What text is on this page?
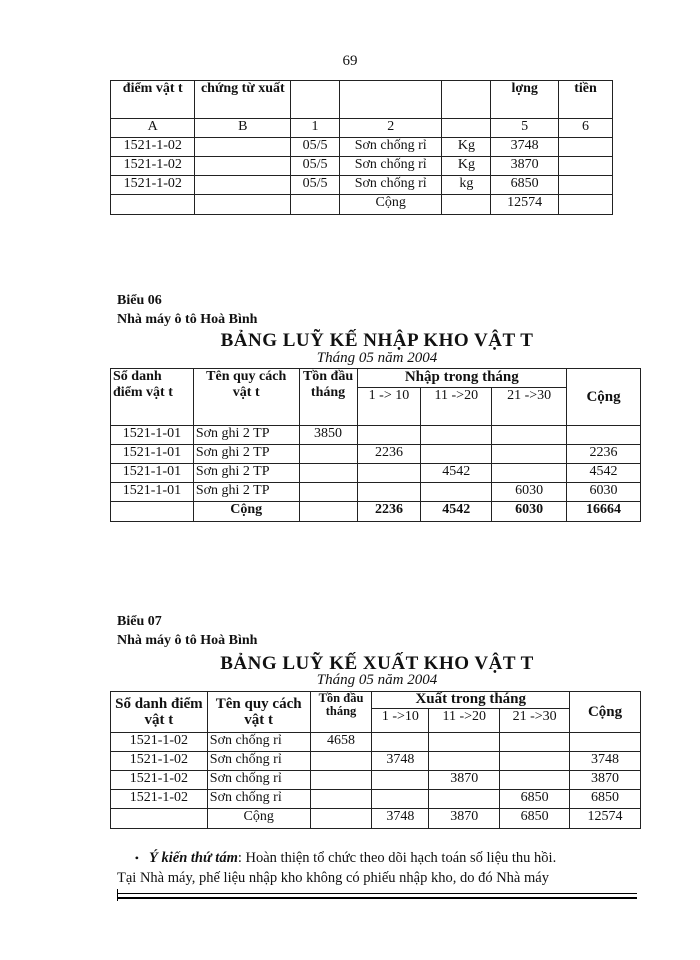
69
điểm vật t	chứng từ xuất				lợng	tiền
A	B	1	2		5	6
1521-1-02		05/5	Sơn chống rỉ	Kg	3748	
1521-1-02		05/5	Sơn chống rỉ	Kg	3870	
1521-1-02		05/5	Sơn chống rỉ	kg	6850	
			Cộng		12574	
Biểu 06
Nhà máy ô tô Hoà Bình
BẢNG LUỸ KẾ NHẬP KHO VẬT T
Tháng 05 năm 2004
Sổ danh điểm vật t	Tên quy cách vật t	Tồn đầu tháng	Nhập trong tháng			Cộng
			1 -> 10	11 ->20	21 ->30	
1521-1-01	Sơn ghi 2 TP	3850				
1521-1-01	Sơn ghi 2 TP		2236			2236
1521-1-01	Sơn ghi 2 TP			4542		4542
1521-1-01	Sơn ghi 2 TP				6030	6030
	Cộng		2236	4542	6030	16664
Biểu 07
Nhà máy ô tô Hoà Bình
BẢNG LUỸ KẾ XUẤT KHO VẬT T
Tháng 05 năm 2004
Sổ danh điểm vật t	Tên quy cách vật t	Tồn đầu tháng	Xuất trong tháng			Cộng
			1 ->10	11 ->20	21 ->30	
1521-1-02	Sơn chống rỉ	4658				
1521-1-02	Sơn chống rỉ		3748			3748
1521-1-02	Sơn chống rỉ			3870		3870
1521-1-02	Sơn chống rỉ				6850	6850
	Cộng		3748	3870	6850	12574
• Ý kiến thứ tám: Hoàn thiện tổ chức theo dõi hạch toán số liệu thu hồi.
Tại Nhà máy, phế liệu nhập kho không có phiếu nhập kho, do đó Nhà máy
